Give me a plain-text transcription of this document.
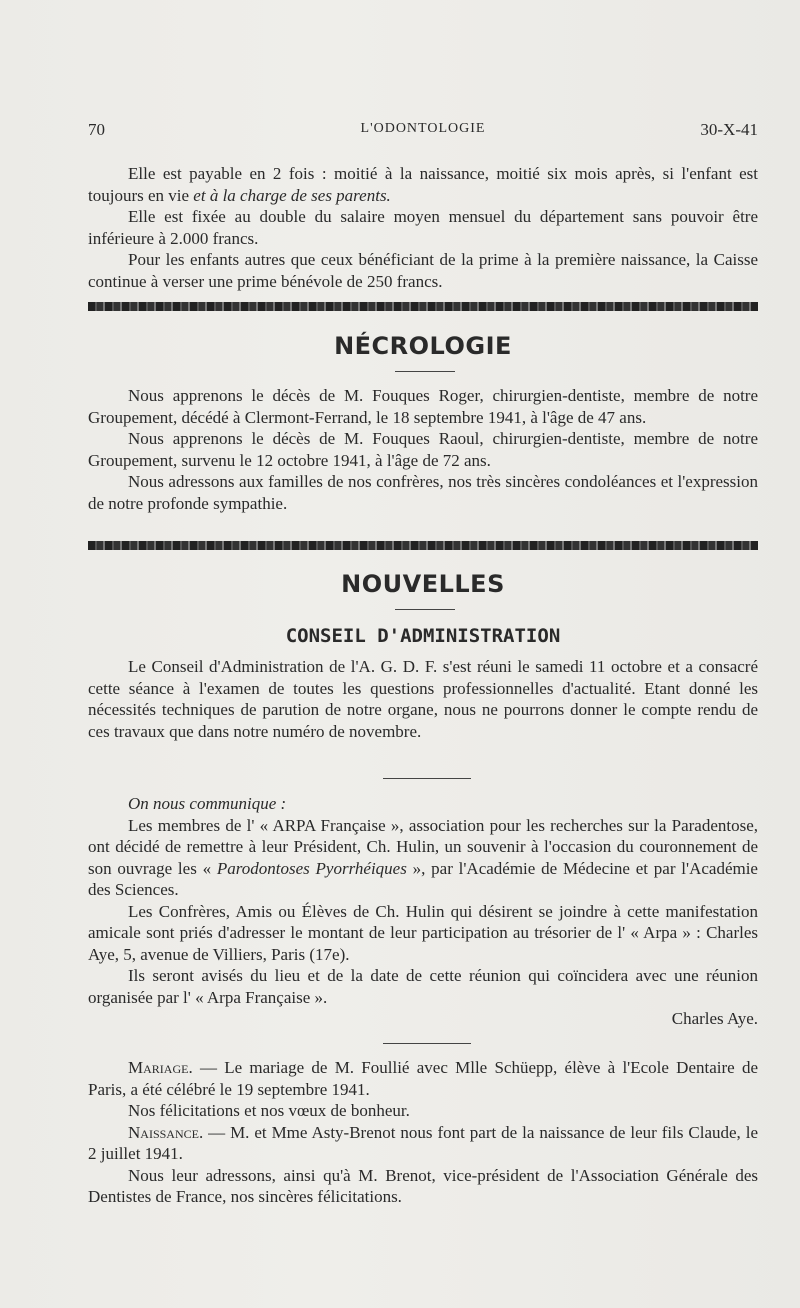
70	L'ODONTOLOGIE	30-X-41

Elle est payable en 2 fois : moitié à la naissance, moitié six mois après, si l'enfant est toujours en vie et à la charge de ses parents.

Elle est fixée au double du salaire moyen mensuel du département sans pouvoir être inférieure à 2.000 francs.

Pour les enfants autres que ceux bénéficiant de la prime à la première naissance, la Caisse continue à verser une prime bénévole de 250 francs.

NÉCROLOGIE

Nous apprenons le décès de M. Fouques Roger, chirurgien-dentiste, membre de notre Groupement, décédé à Clermont-Ferrand, le 18 septembre 1941, à l'âge de 47 ans.

Nous apprenons le décès de M. Fouques Raoul, chirurgien-dentiste, membre de notre Groupement, survenu le 12 octobre 1941, à l'âge de 72 ans.

Nous adressons aux familles de nos confrères, nos très sincères condoléances et l'expression de notre profonde sympathie.

NOUVELLES
CONSEIL D'ADMINISTRATION

Le Conseil d'Administration de l'A. G. D. F. s'est réuni le samedi 11 octobre et a consacré cette séance à l'examen de toutes les questions professionnelles d'actualité. Etant donné les nécessités techniques de parution de notre organe, nous ne pourrons donner le compte rendu de ces travaux que dans notre numéro de novembre.

On nous communique :

Les membres de l' « ARPA Française », association pour les recherches sur la Paradentose, ont décidé de remettre à leur Président, Ch. Hulin, un souvenir à l'occasion du couronnement de son ouvrage les « Parodontoses Pyorrhéiques », par l'Académie de Médecine et par l'Académie des Sciences.

Les Confrères, Amis ou Élèves de Ch. Hulin qui désirent se joindre à cette manifestation amicale sont priés d'adresser le montant de leur participation au trésorier de l' « Arpa » : Charles Aye, 5, avenue de Villiers, Paris (17e).

Ils seront avisés du lieu et de la date de cette réunion qui coïncidera avec une réunion organisée par l' « Arpa Française ».

Charles Aye.

Mariage. — Le mariage de M. Foullié avec Mlle Schüepp, élève à l'Ecole Dentaire de Paris, a été célébré le 19 septembre 1941.

Nos félicitations et nos vœux de bonheur.

Naissance. — M. et Mme Asty-Brenot nous font part de la naissance de leur fils Claude, le 2 juillet 1941.

Nous leur adressons, ainsi qu'à M. Brenot, vice-président de l'Association Générale des Dentistes de France, nos sincères félicitations.
